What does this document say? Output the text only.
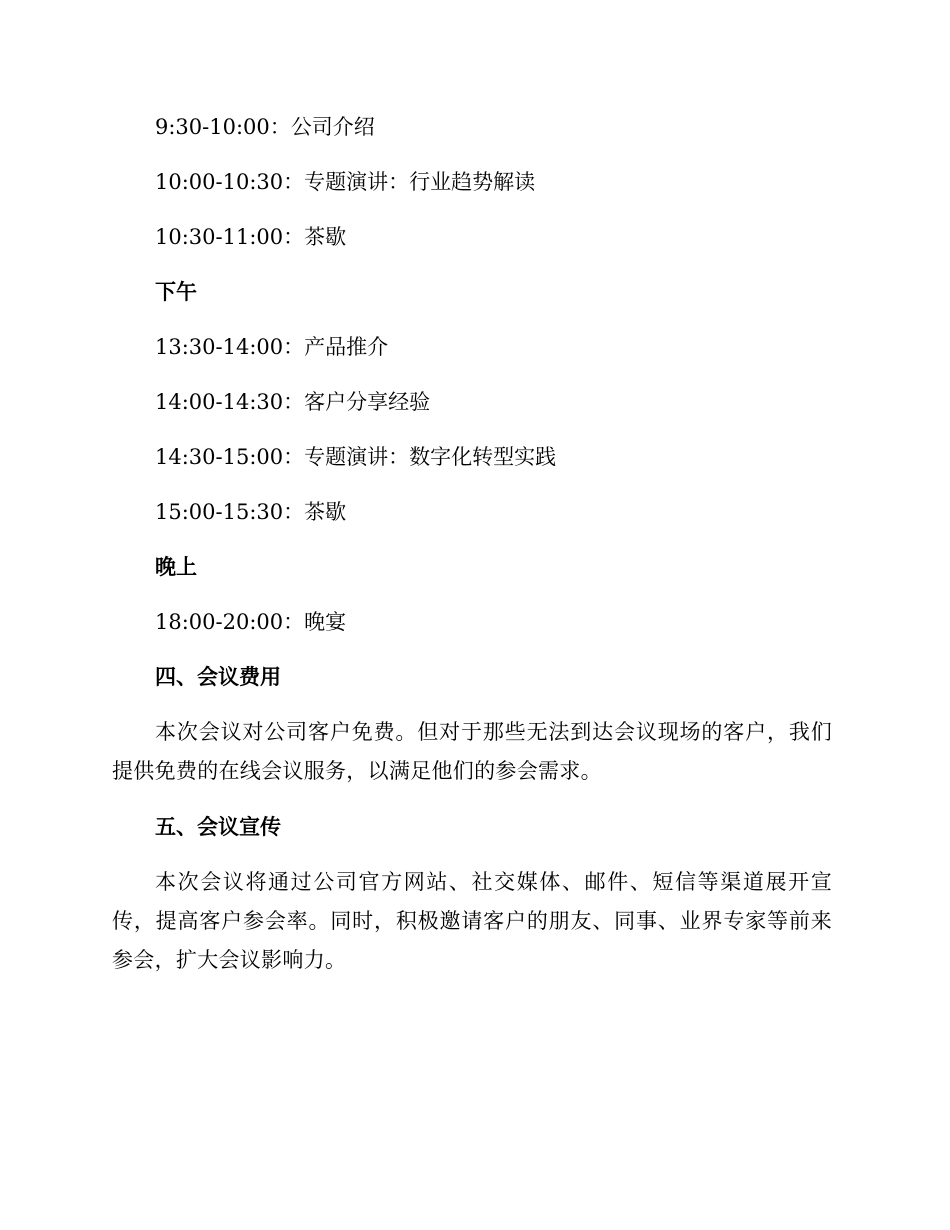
9:30-10:00：公司介绍
10:00-10:30：专题演讲：行业趋势解读
10:30-11:00：茶歇
下午
13:30-14:00：产品推介
14:00-14:30：客户分享经验
14:30-15:00：专题演讲：数字化转型实践
15:00-15:30：茶歇
晚上
18:00-20:00：晚宴
四、会议费用

本次会议对公司客户免费。但对于那些无法到达会议现场的客户，我们提供免费的在线会议服务，以满足他们的参会需求。

五、会议宣传

本次会议将通过公司官方网站、社交媒体、邮件、短信等渠道展开宣传，提高客户参会率。同时，积极邀请客户的朋友、同事、业界专家等前来参会，扩大会议影响力。
